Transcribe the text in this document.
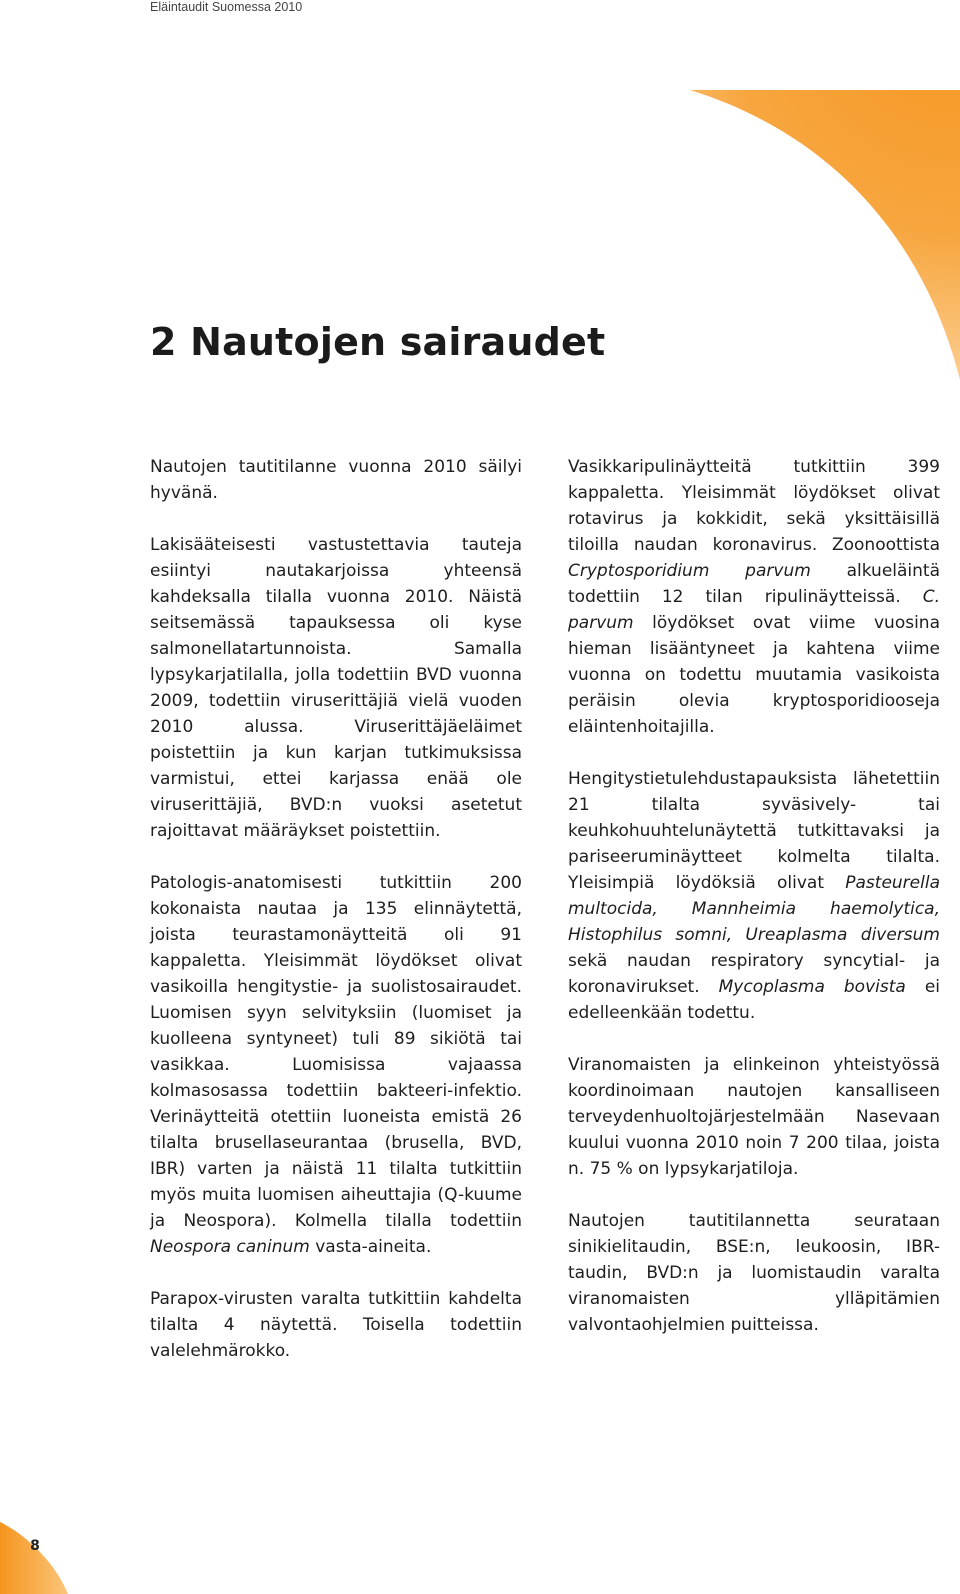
Eläintaudit Suomessa 2010
2 Nautojen sairaudet

Nautojen tautitilanne vuonna 2010 säilyi hyvänä.

Lakisääteisesti vastustettavia tauteja esiintyi nautakarjoissa yhteensä kahdeksalla tilalla vuonna 2010. Näistä seitsemässä tapauksessa oli kyse salmonellatartunnoista. Samalla lypsykarjatilalla, jolla todettiin BVD vuonna 2009, todettiin viruserittäjiä vielä vuoden 2010 alussa. Viruserittäjäeläimet poistettiin ja kun karjan tutkimuksissa varmistui, ettei karjassa enää ole viruserittäjiä, BVD:n vuoksi asetetut rajoittavat määräykset poistettiin.

Patologis-anatomisesti tutkittiin 200 kokonaista nautaa ja 135 elinnäytettä, joista teurastamonäytteitä oli 91 kappaletta. Yleisimmät löydökset olivat vasikoilla hengitystie- ja suolistosairaudet. Luomisen syyn selvityksiin (luomiset ja kuolleena syntyneet) tuli 89 sikiötä tai vasikkaa. Luomisissa vajaassa kolmasosassa todettiin bakteeri-infektio. Verinäytteitä otettiin luoneista emistä 26 tilalta brusellaseurantaa (brusella, BVD, IBR) varten ja näistä 11 tilalta tutkittiin myös muita luomisen aiheuttajia (Q-kuume ja Neospora). Kolmella tilalla todettiin Neospora caninum vasta-aineita.

Parapox-virusten varalta tutkittiin kahdelta tilalta 4 näytettä. Toisella todettiin valelehmärokko.

Vasikkaripulinäytteitä tutkittiin 399 kappaletta. Yleisimmät löydökset olivat rotavirus ja kokkidit, sekä yksittäisillä tiloilla naudan koronavirus. Zoonoottista Cryptosporidium parvum alkueläintä todettiin 12 tilan ripulinäytteissä. C. parvum löydökset ovat viime vuosina hieman lisääntyneet ja kahtena viime vuonna on todettu muutamia vasikoista peräisin olevia kryptosporidiooseja eläintenhoitajilla.

Hengitystietulehdustapauksista lähetettiin 21 tilalta syväsively- tai keuhkohuuhtelunäytettä tutkittavaksi ja pariseeruminäytteet kolmelta tilalta. Yleisimpiä löydöksiä olivat Pasteurella multocida, Mannheimia haemolytica, Histophilus somni, Ureaplasma diversum sekä naudan respiratory syncytial- ja koronavirukset. Mycoplasma bovista ei edelleenkään todettu.

Viranomaisten ja elinkeinon yhteistyössä koordinoimaan nautojen kansalliseen terveydenhuoltojärjestelmään Nasevaan kuului vuonna 2010 noin 7 200 tilaa, joista n. 75 % on lypsykarjatiloja.

Nautojen tautitilannetta seurataan sinikielitaudin, BSE:n, leukoosin, IBR-taudin, BVD:n ja luomistaudin varalta viranomaisten ylläpitämien valvontaohjelmien puitteissa.

8
